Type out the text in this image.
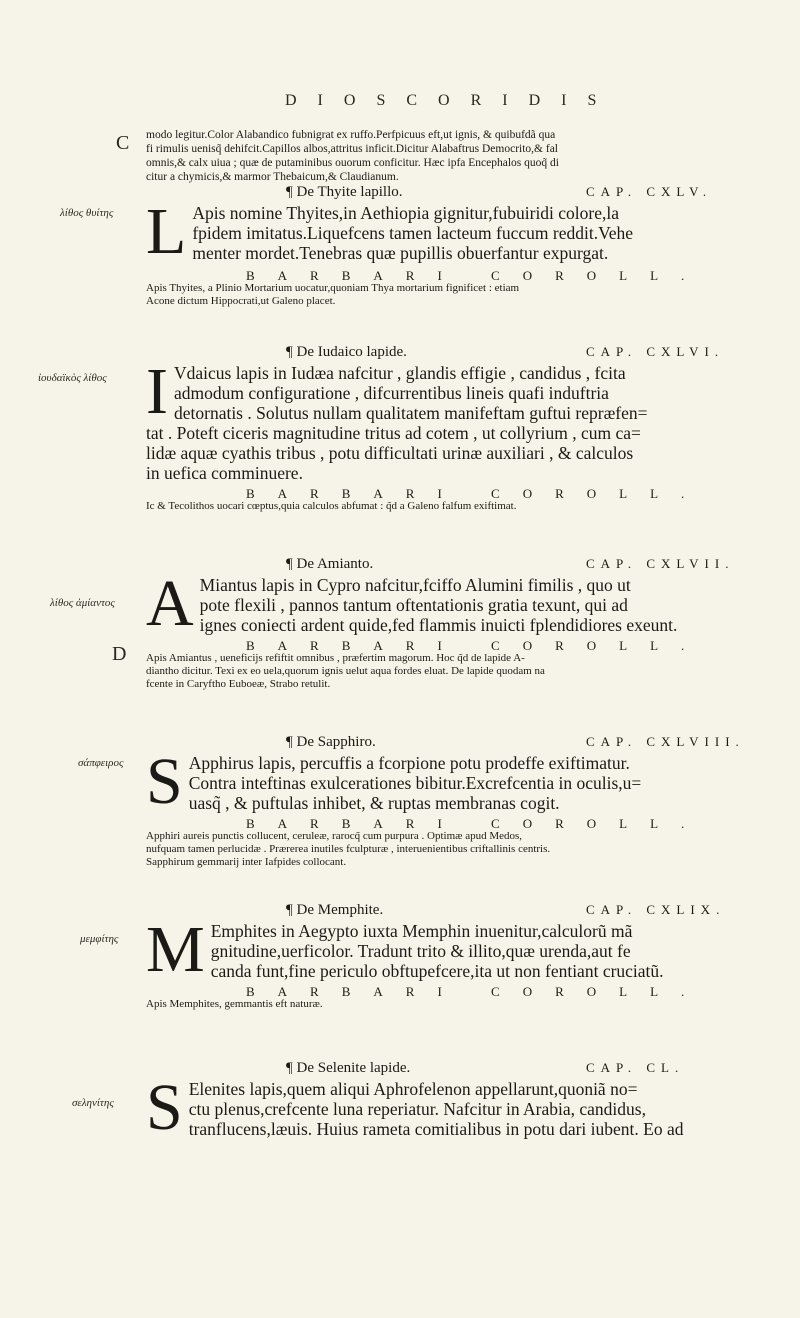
DIOSCORIDIS
C
λίθος θυίτης
ἰουδαϊκὸς λίθος
λίθος ἀμίαντος
D
σάπφειρος
μεμφίτης
σεληνίτης
modo legitur.Color Alabandico fubnigrat ex ruffo.Perfpicuus eft,ut ignis, & quibufdã qua
fi rimulis uenisq̃ dehifcit.Capillos albos,attritus inficit.Dicitur Alabaftrus Democrito,& fal
omnis,& calx uiua ; quæ de putaminibus ouorum conficitur. Hæc ipfa Encephalos quoq̃ di
citur a chymicis,& marmor Thebaicum,& Claudianum.
¶ De Thyite lapillo.	CAP. CXLV.
L Apis nomine Thyites,in Aethiopia gignitur,fubuiridi colore,la
fpidem imitatus.Liquefcens tamen lacteum fuccum reddit.Vehe
menter mordet.Tenebras quæ pupillis obuerfantur expurgat.
BARBARI COROLL.
Apis Thyites, a Plinio Mortarium uocatur,quoniam Thya mortarium fignificet : etiam
Acone dictum Hippocrati,ut Galeno placet.
¶ De Iudaico lapide.	CAP. CXLVI.
I Vdaicus lapis in Iudæa nafcitur , glandis effigie , candidus , fcita
admodum configuratione , difcurrentibus lineis quafi induftria
detornatis . Solutus nullam qualitatem manifeftam guftui repræfen=
tat . Poteft ciceris magnitudine tritus ad cotem , ut collyrium , cum ca=
lidæ aquæ cyathis tribus , potu difficultati urinæ auxiliari , & calculos
in uefica comminuere.
BARBARI COROLL.
Ic & Tecolithos uocari cœptus,quia calculos abfumat : q̃d a Galeno falfum exiftimat.
¶ De Amianto.	CAP. CXLVII.
A Miantus lapis in Cypro nafcitur,fciffo Alumini fimilis , quo ut
pote flexili , pannos tantum oftentationis gratia texunt, qui ad
ignes coniecti ardent quide,fed flammis inuicti fplendidiores exeunt.
BARBARI COROLL.
Apis Amiantus , ueneficijs refiftit omnibus , præfertim magorum. Hoc q̃d de lapide A-
diantho dicitur. Texi ex eo uela,quorum ignis uelut aqua fordes eluat. De lapide quodam na
fcente in Caryftho Euboeæ, Strabo retulit.
¶ De Sapphiro.	CAP. CXLVIII.
S Apphirus lapis, percuffis a fcorpione potu prodeffe exiftimatur.
Contra inteftinas exulcerationes bibitur.Excrefcentia in oculis,u=
uasq̃ , & puftulas inhibet, & ruptas membranas cogit.
BARBARI COROLL.
Apphiri aureis punctis collucent, ceruleæ, rarocq̃ cum purpura . Optimæ apud Medos,
nufquam tamen perlucidæ . Prærerea inutiles fculpturæ , interuenientibus criftallinis centris.
Sapphirum gemmarij inter Iafpides collocant.
¶ De Memphite.	CAP. CXLIX.
M Emphites in Aegypto iuxta Memphin inuenitur,calculorũ mã
gnitudine,uerficolor. Tradunt trito & illito,quæ urenda,aut fe
canda funt,fine periculo obftupefcere,ita ut non fentiant cruciatũ.
BARBARI COROLL.
Apis Memphites, gemmantis eft naturæ.
¶ De Selenite lapide.	CAP. CL.
S Elenites lapis,quem aliqui Aphrofelenon appellarunt,quoniã no=
ctu plenus,crefcente luna reperiatur. Nafcitur in Arabia, candidus,
tranflucens,læuis. Huius rameta comitialibus in potu dari iubent. Eo ad
